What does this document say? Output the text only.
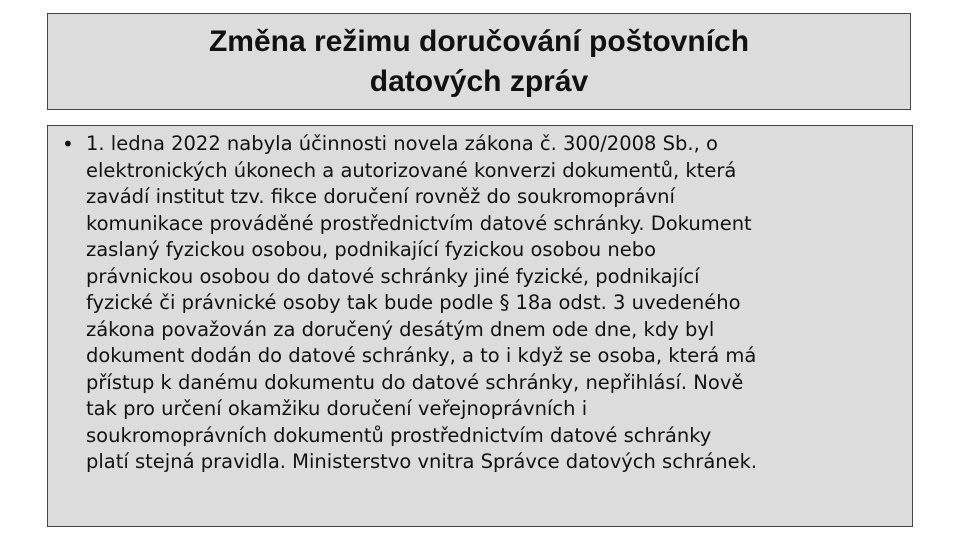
Změna režimu doručování poštovních
datových zpráv
• 1. ledna 2022 nabyla účinnosti novela zákona č. 300/2008 Sb., o
elektronických úkonech a autorizované konverzi dokumentů, která
zavádí institut tzv. fikce doručení rovněž do soukromoprávní
komunikace prováděné prostřednictvím datové schránky. Dokument
zaslaný fyzickou osobou, podnikající fyzickou osobou nebo
právnickou osobou do datové schránky jiné fyzické, podnikající
fyzické či právnické osoby tak bude podle § 18a odst. 3 uvedeného
zákona považován za doručený desátým dnem ode dne, kdy byl
dokument dodán do datové schránky, a to i když se osoba, která má
přístup k danému dokumentu do datové schránky, nepřihlásí. Nově
tak pro určení okamžiku doručení veřejnoprávních i
soukromoprávních dokumentů prostřednictvím datové schránky
platí stejná pravidla. Ministerstvo vnitra Správce datových schránek.
